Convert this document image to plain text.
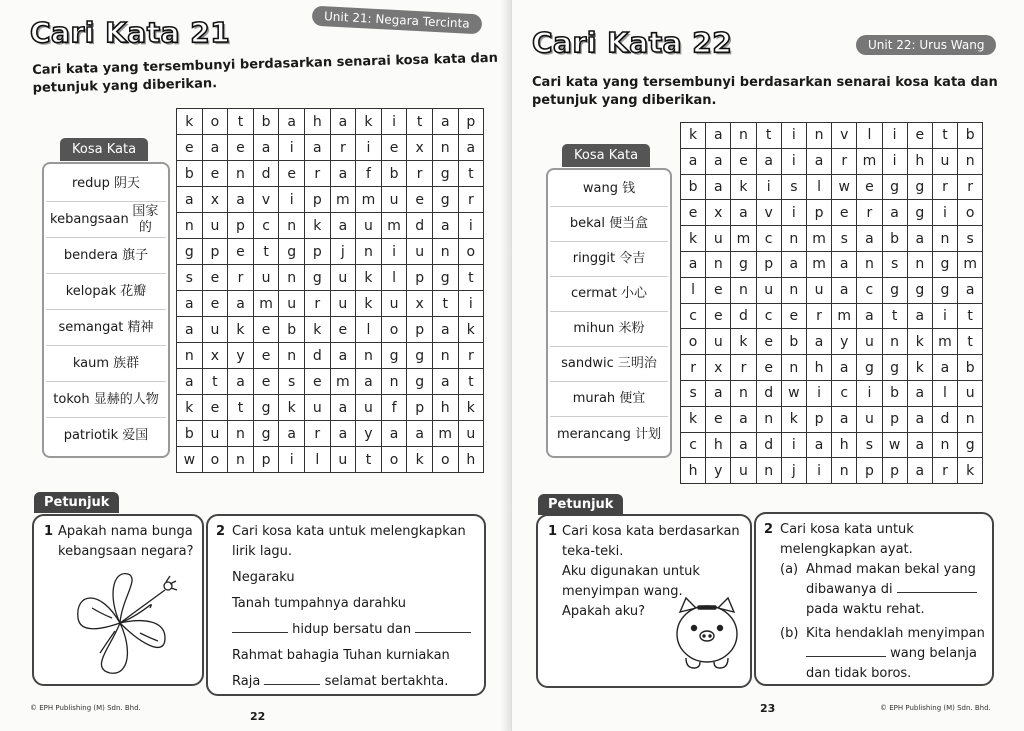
Cari Kata 21	Unit 21: Negara Tercinta
Cari kata yang tersembunyi berdasarkan senarai kosa kata dan
petunjuk yang diberikan.
Kosa Kata
redup 阴天
kebangsaan
国家的
bendera 旗子
kelopak 花瓣
semangat 精神
kaum 族群
tokoh 显赫的人物
patriotik 爱国
k	o	t	b	a	h	a	k	i	t	a	p
e	a	e	a	i	a	r	i	e	x	n	a
b	e	n	d	e	r	a	f	b	r	g	t
a	x	a	v	i	p	m	m	u	e	g	r
n	u	p	c	n	k	a	u	m	d	a	i
g	p	e	t	g	p	j	n	i	u	n	o
s	e	r	u	n	g	u	k	l	p	g	t
a	e	a	m	u	r	u	k	u	x	t	i
a	u	k	e	b	k	e	l	o	p	a	k
n	x	y	e	n	d	a	n	g	g	n	r
a	t	a	e	s	e	m	a	n	g	a	t
k	e	t	g	k	u	a	u	f	p	h	k
b	u	n	g	a	r	a	y	a	a	m	u
w	o	n	p	i	l	u	t	o	k	o	h
Petunjuk
1 Apakah nama bunga
kebangsaan negara?
2 Cari kosa kata untuk melengkapkan
lirik lagu.
Negaraku
Tanah tumpahnya darahku
hidup bersatu dan
Rahmat bahagia Tuhan kurniakan
Raja	selamat bertakhta.
© EPH Publishing (M) Sdn. Bhd.
22
Cari Kata 22	Unit 22: Urus Wang
Cari kata yang tersembunyi berdasarkan senarai kosa kata dan
petunjuk yang diberikan.
Kosa Kata
wang 钱
bekal 便当盒
ringgit 令吉
cermat 小心
mihun 米粉
sandwic 三明治
murah 便宜
merancang 计划
k	a	n	t	i	n	v	l	i	e	t	b
a	a	e	a	i	a	r	m	i	h	u	n
b	a	k	i	s	l	w	e	g	g	r	r
e	x	a	v	i	p	e	r	a	g	i	o
k	u	m	c	n	m	s	a	b	a	n	s
a	n	g	p	a	m	a	n	s	n	g	m
l	e	n	u	n	u	a	c	g	g	g	a
c	e	d	c	e	r	m	a	t	a	i	t
o	u	k	e	b	a	y	u	n	k	m	t
r	x	r	e	n	h	a	g	g	k	a	b
s	a	n	d	w	i	c	i	b	a	l	u
k	e	a	n	k	p	a	u	p	a	d	n
c	h	a	d	i	a	h	s	w	a	n	g
h	y	u	n	j	i	n	p	p	a	r	k
Petunjuk
1 Cari kosa kata berdasarkan
teka-teki.
Aku digunakan untuk
menyimpan wang.
Apakah aku?
2 Cari kosa kata untuk
melengkapkan ayat.
(a) Ahmad makan bekal yang
dibawanya di
pada waktu rehat.
(b) Kita hendaklah menyimpan
wang belanja
dan tidak boros.
23	© EPH Publishing (M) Sdn. Bhd.
